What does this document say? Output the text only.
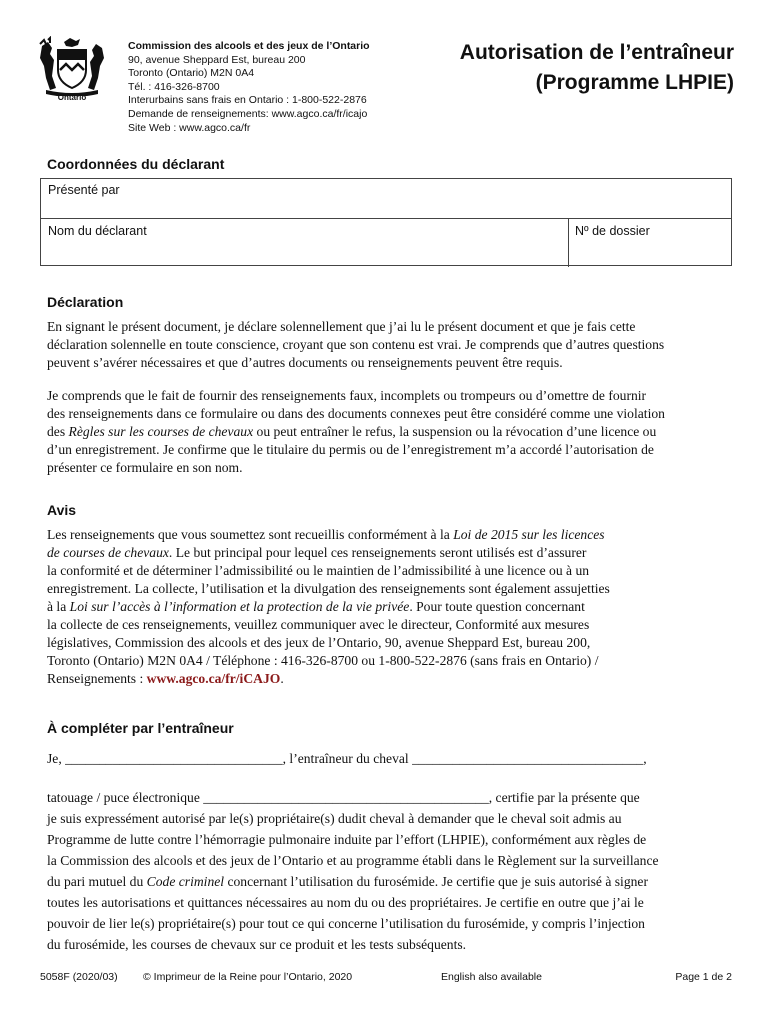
Ontario
Commission des alcools et des jeux de l’Ontario
90, avenue Sheppard Est, bureau 200
Toronto (Ontario) M2N 0A4
Tél. : 416-326-8700
Interurbains sans frais en Ontario : 1-800-522-2876
Demande de renseignements: www.agco.ca/fr/icajo
Site Web : www.agco.ca/fr
Autorisation de l’entraîneur
(Programme LHPIE)
Coordonnées du déclarant
Présenté par
Nom du déclarant	Nº de dossier
Déclaration
En signant le présent document, je déclare solennellement que j’ai lu le présent document et que je fais cette
déclaration solennelle en toute conscience, croyant que son contenu est vrai. Je comprends que d’autres questions
peuvent s’avérer nécessaires et que d’autres documents ou renseignements peuvent être requis.
Je comprends que le fait de fournir des renseignements faux, incomplets ou trompeurs ou d’omettre de fournir
des renseignements dans ce formulaire ou dans des documents connexes peut être considéré comme une violation
des Règles sur les courses de chevaux ou peut entraîner le refus, la suspension ou la révocation d’une licence ou
d’un enregistrement. Je confirme que le titulaire du permis ou de l’enregistrement m’a accordé l’autorisation de
présenter ce formulaire en son nom.
Avis
Les renseignements que vous soumettez sont recueillis conformément à la Loi de 2015 sur les licences
de courses de chevaux. Le but principal pour lequel ces renseignements seront utilisés est d’assurer
la conformité et de déterminer l’admissibilité ou le maintien de l’admissibilité à une licence ou à un
enregistrement. La collecte, l’utilisation et la divulgation des renseignements sont également assujetties
à la Loi sur l’accès à l’information et la protection de la vie privée. Pour toute question concernant
la collecte de ces renseignements, veuillez communiquer avec le directeur, Conformité aux mesures
législatives, Commission des alcools et des jeux de l’Ontario, 90, avenue Sheppard Est, bureau 200,
Toronto (Ontario) M2N 0A4 / Téléphone : 416-326-8700 ou 1-800-522-2876 (sans frais en Ontario) /
Renseignements : www.agco.ca/fr/iCAJO.
À compléter par l’entraîneur
Je, ________________________________, l’entraîneur du cheval __________________________________,
tatouage / puce électronique __________________________________________, certifie par la présente que
je suis expressément autorisé par le(s) propriétaire(s) dudit cheval à demander que le cheval soit admis au
Programme de lutte contre l’hémorragie pulmonaire induite par l’effort (LHPIE), conformément aux règles de
la Commission des alcools et des jeux de l’Ontario et au programme établi dans le Règlement sur la surveillance
du pari mutuel du Code criminel concernant l’utilisation du furosémide. Je certifie que je suis autorisé à signer
toutes les autorisations et quittances nécessaires au nom du ou des propriétaires. Je certifie en outre que j’ai le
pouvoir de lier le(s) propriétaire(s) pour tout ce qui concerne l’utilisation du furosémide, y compris l’injection
du furosémide, les courses de chevaux sur ce produit et les tests subséquents.
5058F (2020/03) © Imprimeur de la Reine pour l’Ontario, 2020	English also available	Page 1 de 2
